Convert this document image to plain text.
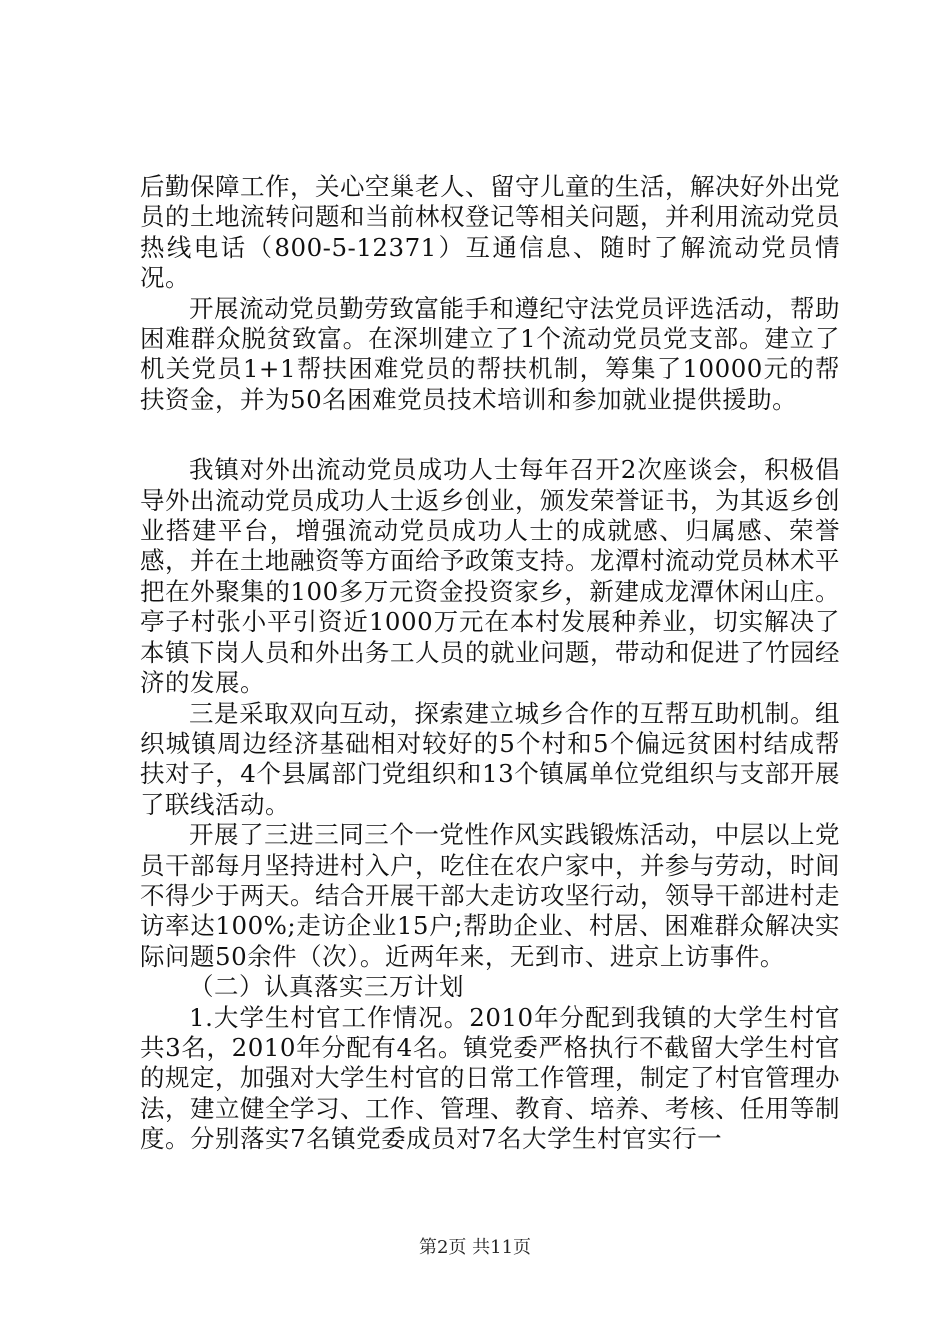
后勤保障工作，关心空巢老人、留守儿童的生活，解决好外出党员的土地流转问题和当前林权登记等相关问题，并利用流动党员热线电话（800-5-12371）互通信息、随时了解流动党员情况。

开展流动党员勤劳致富能手和遵纪守法党员评选活动，帮助困难群众脱贫致富。在深圳建立了1个流动党员党支部。建立了机关党员1+1帮扶困难党员的帮扶机制，筹集了10000元的帮扶资金，并为50名困难党员技术培训和参加就业提供援助。

我镇对外出流动党员成功人士每年召开2次座谈会，积极倡导外出流动党员成功人士返乡创业，颁发荣誉证书，为其返乡创业搭建平台，增强流动党员成功人士的成就感、归属感、荣誉感，并在土地融资等方面给予政策支持。龙潭村流动党员林术平把在外聚集的100多万元资金投资家乡，新建成龙潭休闲山庄。亭子村张小平引资近1000万元在本村发展种养业，切实解决了本镇下岗人员和外出务工人员的就业问题，带动和促进了竹园经济的发展。

三是采取双向互动，探索建立城乡合作的互帮互助机制。组织城镇周边经济基础相对较好的5个村和5个偏远贫困村结成帮扶对子，4个县属部门党组织和13个镇属单位党组织与支部开展了联线活动。

开展了三进三同三个一党性作风实践锻炼活动，中层以上党员干部每月坚持进村入户，吃住在农户家中，并参与劳动，时间不得少于两天。结合开展干部大走访攻坚行动，领导干部进村走访率达100%;走访企业15户;帮助企业、村居、困难群众解决实际问题50余件（次）。近两年来，无到市、进京上访事件。

（二）认真落实三万计划

1.大学生村官工作情况。2010年分配到我镇的大学生村官共3名，2010年分配有4名。镇党委严格执行不截留大学生村官的规定，加强对大学生村官的日常工作管理，制定了村官管理办法，建立健全学习、工作、管理、教育、培养、考核、任用等制度。分别落实7名镇党委成员对7名大学生村官实行一

第2页 共11页
